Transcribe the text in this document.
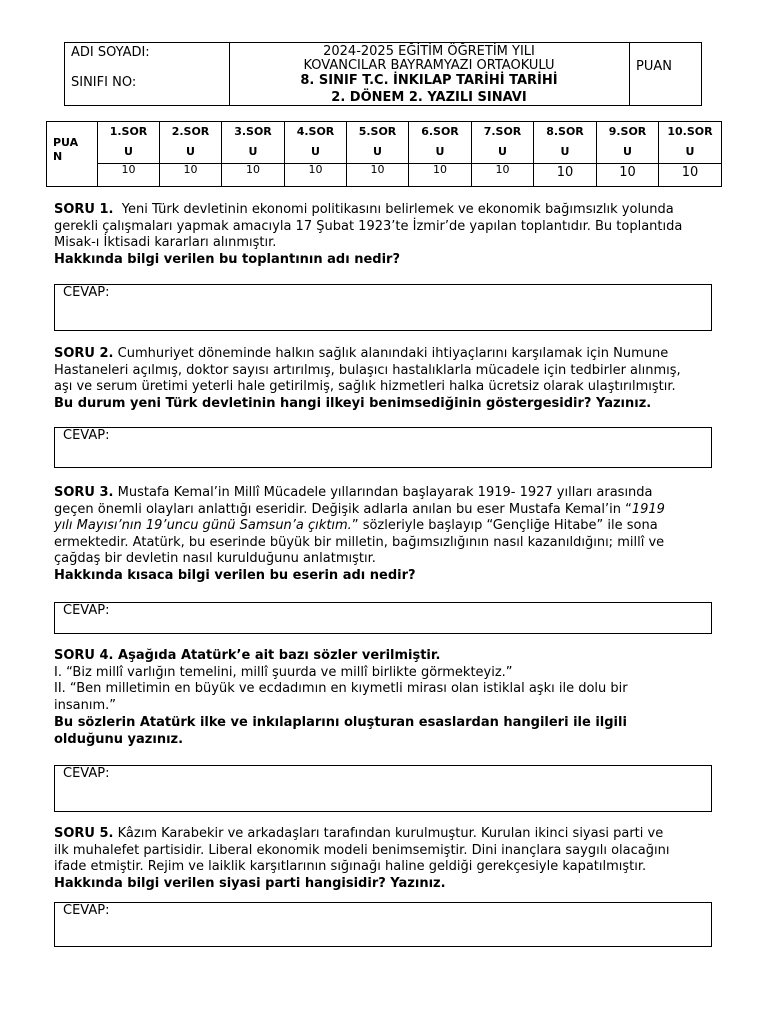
ADI SOYADI:
SINIFI NO:
2024-2025 EĞİTİM ÖĞRETİM YILI
KOVANCILAR BAYRAMYAZI ORTAOKULU
8. SINIF T.C. İNKILAP TARİHİ TARİHİ
2. DÖNEM 2. YAZILI SINAVI
PUAN
PUA
N
1.SOR
U
10
2.SOR
U
10
3.SOR
U
10
4.SOR
U
10
5.SOR
U
10
6.SOR
U
10
7.SOR
U
10
8.SOR
U
10
9.SOR
U
10
10.SOR
U
10

SORU 1. Yeni Türk devletinin ekonomi politikasını belirlemek ve ekonomik bağımsızlık yolunda

gerekli çalışmaları yapmak amacıyla 17 Şubat 1923’te İzmir’de yapılan toplantıdır. Bu toplantıda

Misak-ı İktisadi kararları alınmıştır.

Hakkında bilgi verilen bu toplantının adı nedir?

CEVAP:

SORU 2. Cumhuriyet döneminde halkın sağlık alanındaki ihtiyaçlarını karşılamak için Numune

Hastaneleri açılmış, doktor sayısı artırılmış, bulaşıcı hastalıklarla mücadele için tedbirler alınmış,

aşı ve serum üretimi yeterli hale getirilmiş, sağlık hizmetleri halka ücretsiz olarak ulaştırılmıştır.

Bu durum yeni Türk devletinin hangi ilkeyi benimsediğinin göstergesidir? Yazınız.

CEVAP:

SORU 3. Mustafa Kemal’in Millî Mücadele yıllarından başlayarak 1919- 1927 yılları arasında

geçen önemli olayları anlattığı eseridir. Değişik adlarla anılan bu eser Mustafa Kemal’in “1919

yılı Mayısı’nın 19’uncu günü Samsun’a çıktım.” sözleriyle başlayıp “Gençliğe Hitabe” ile sona

ermektedir. Atatürk, bu eserinde büyük bir milletin, bağımsızlığının nasıl kazanıldığını; millî ve

çağdaş bir devletin nasıl kurulduğunu anlatmıştır.

Hakkında kısaca bilgi verilen bu eserin adı nedir?

CEVAP:

SORU 4. Aşağıda Atatürk’e ait bazı sözler verilmiştir.

I. “Biz millî varlığın temelini, millî şuurda ve millî birlikte görmekteyiz.”

II. “Ben milletimin en büyük ve ecdadımın en kıymetli mirası olan istiklal aşkı ile dolu bir

insanım.”

Bu sözlerin Atatürk ilke ve inkılaplarını oluşturan esaslardan hangileri ile ilgili

olduğunu yazınız.

CEVAP:

SORU 5. Kâzım Karabekir ve arkadaşları tarafından kurulmuştur. Kurulan ikinci siyasi parti ve

ilk muhalefet partisidir. Liberal ekonomik modeli benimsemiştir. Dini inançlara saygılı olacağını

ifade etmiştir. Rejim ve laiklik karşıtlarının sığınağı haline geldiği gerekçesiyle kapatılmıştır.

Hakkında bilgi verilen siyasi parti hangisidir? Yazınız.

CEVAP:
